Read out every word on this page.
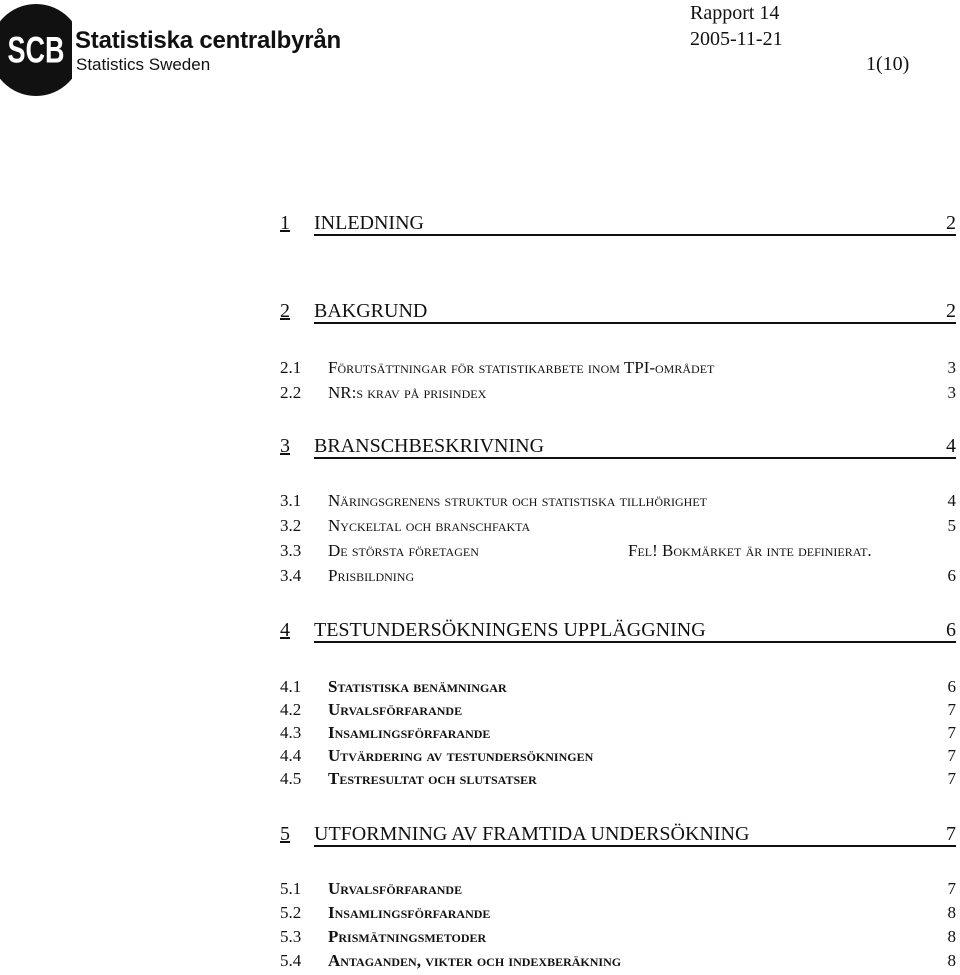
SCB Statistiska centralbyrån
Statistics Sweden
Rapport 14
2005-11-21
1(10)
1 INLEDNING	2
2 BAKGRUND	2
2.1 Förutsättningar för statistikarbete inom TPI-området	3
2.2 NR:s krav på prisindex	3
3 BRANSCHBESKRIVNING	4
3.1 Näringsgrenens struktur och statistiska tillhörighet	4
3.2 Nyckeltal och branschfakta	5
3.3 De största företagen	Fel! Bokmärket är inte definierat.
3.4 Prisbildning	6
4 TESTUNDERSÖKNINGENS UPPLÄGGNING	6
4.1 Statistiska benämningar	6
4.2 Urvalsförfarande	7
4.3 Insamlingsförfarande	7
4.4 Utvärdering av testundersökningen	7
4.5 Testresultat och slutsatser	7
5 UTFORMNING AV FRAMTIDA UNDERSÖKNING	7
5.1 Urvalsförfarande	7
5.2 Insamlingsförfarande	8
5.3 Prismätningsmetoder	8
5.4 Antaganden, vikter och indexberäkning	8
